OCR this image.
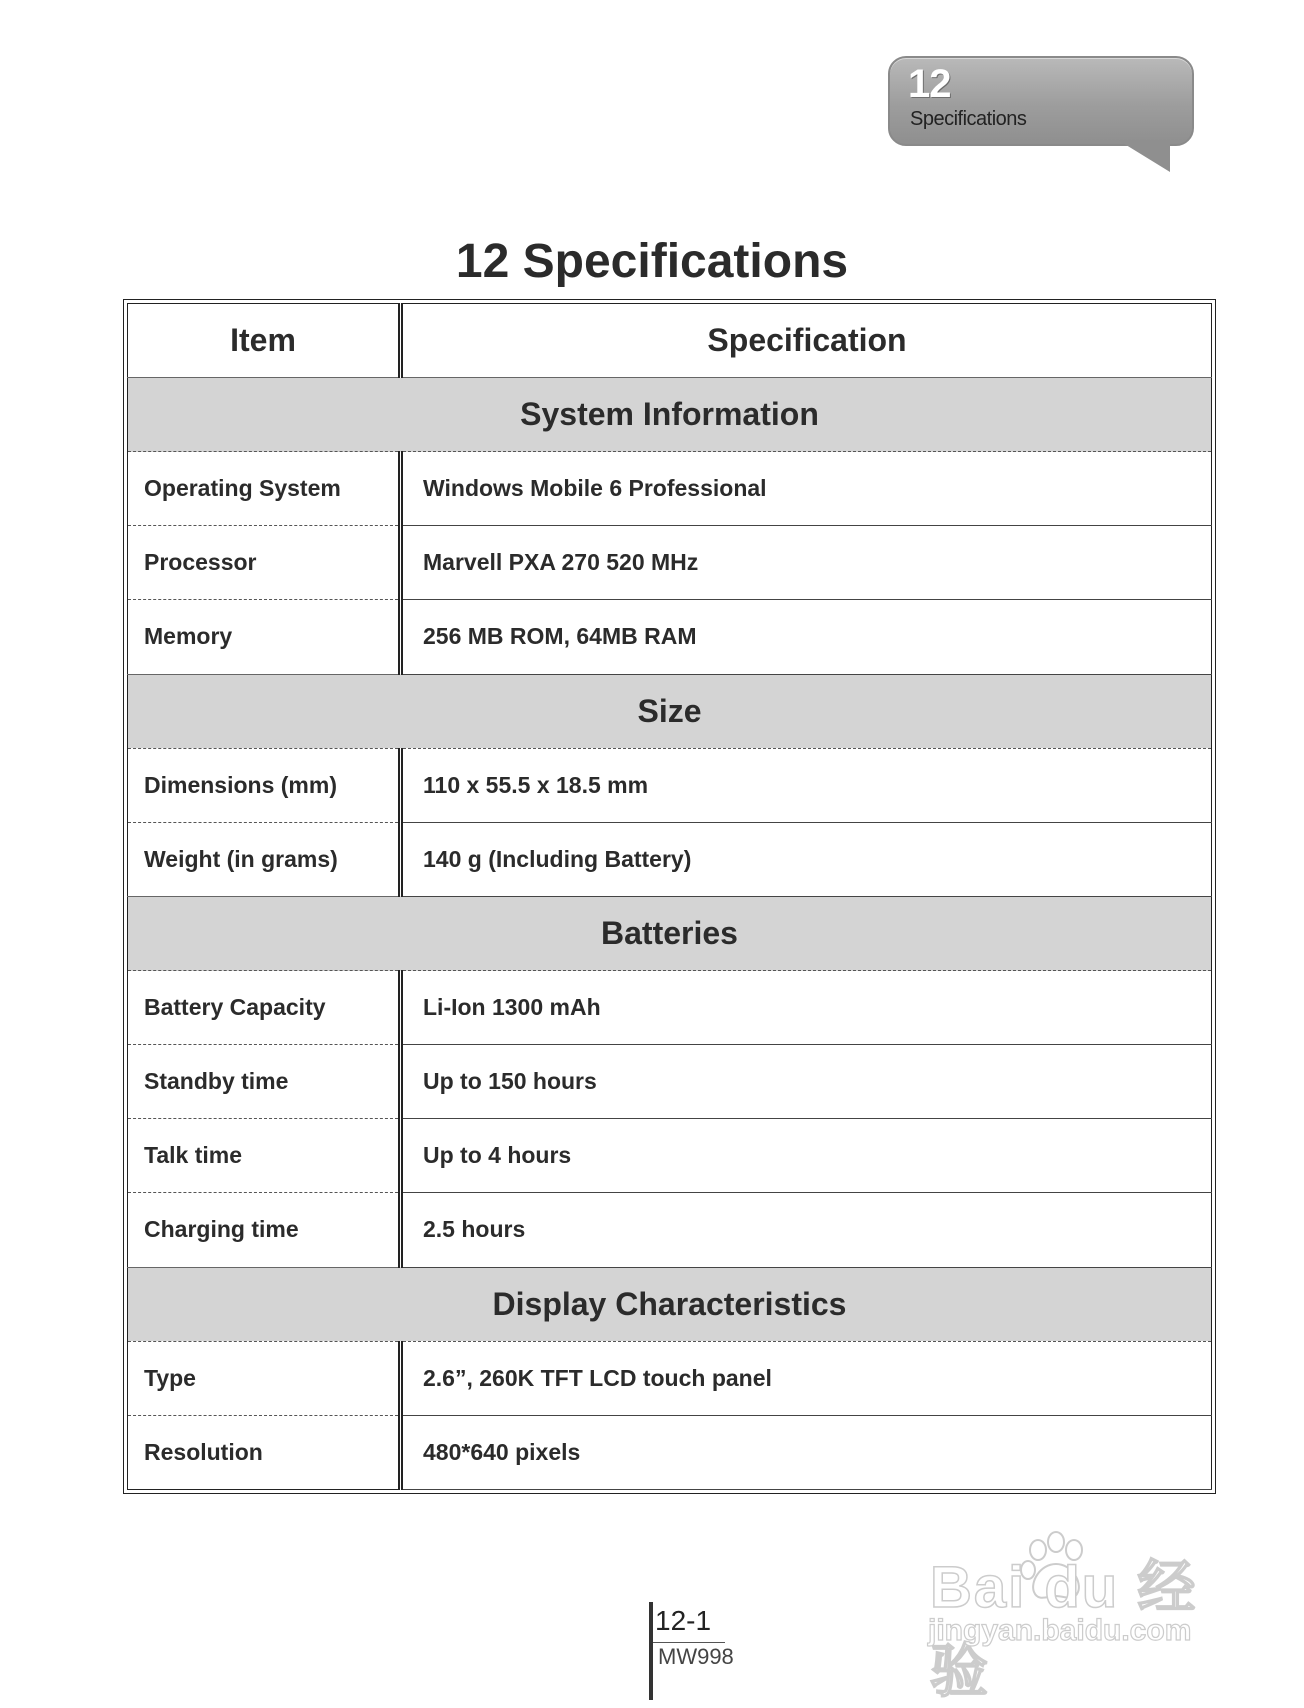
12
Specifications
12 Specifications
Item	Specification
System Information	
Operating System	Windows Mobile 6 Professional
Processor	Marvell PXA 270 520 MHz
Memory	256 MB ROM, 64MB RAM
Size	
Dimensions (mm)	110 x 55.5 x 18.5 mm
Weight (in grams)	140 g (Including Battery)
Batteries	
Battery Capacity	Li-Ion 1300 mAh
Standby time	Up to 150 hours
Talk time	Up to 4 hours
Charging time	2.5 hours
Display Characteristics	
Type	2.6”, 260K TFT LCD touch panel
Resolution	480*640 pixels
12-1
MW998
Bai du 经验
jingyan.baidu.com
